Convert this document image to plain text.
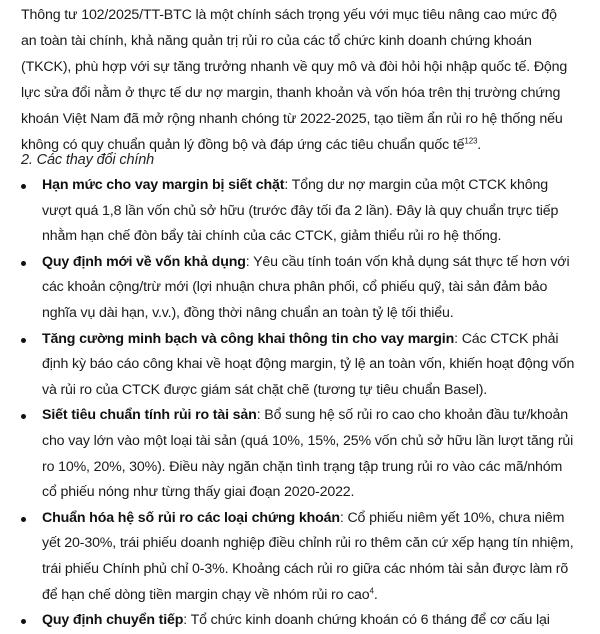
Thông tư 102/2025/TT-BTC là một chính sách trọng yếu với mục tiêu nâng cao mức độ an toàn tài chính, khả năng quản trị rủi ro của các tổ chức kinh doanh chứng khoán (TKCK), phù hợp với sự tăng trưởng nhanh về quy mô và đòi hỏi hội nhập quốc tế. Động lực sửa đổi nằm ở thực tế dư nợ margin, thanh khoản và vốn hóa trên thị trường chứng khoán Việt Nam đã mở rộng nhanh chóng từ 2022-2025, tạo tiềm ẩn rủi ro hệ thống nếu không có quy chuẩn quản lý đồng bộ và đáp ứng các tiêu chuẩn quốc tế$^{123}$.

2. Các thay đổi chính
Hạn mức cho vay margin bị siết chặt: Tổng dư nợ margin của một CTCK không vượt quá 1,8 lần vốn chủ sở hữu (trước đây tối đa 2 lần). Đây là quy chuẩn trực tiếp nhằm hạn chế đòn bẩy tài chính của các CTCK, giảm thiểu rủi ro hệ thống.
Quy định mới về vốn khả dụng: Yêu cầu tính toán vốn khả dụng sát thực tế hơn với các khoản cộng/trừ mới (lợi nhuận chưa phân phối, cổ phiếu quỹ, tài sản đảm bảo nghĩa vụ dài hạn, v.v.), đồng thời nâng chuẩn an toàn tỷ lệ tối thiểu.
Tăng cường minh bạch và công khai thông tin cho vay margin: Các CTCK phải định kỳ báo cáo công khai về hoạt động margin, tỷ lệ an toàn vốn, khiến hoạt động vốn và rủi ro của CTCK được giám sát chặt chẽ (tương tự tiêu chuẩn Basel).
Siết tiêu chuẩn tính rủi ro tài sản: Bổ sung hệ số rủi ro cao cho khoản đầu tư/khoản cho vay lớn vào một loại tài sản (quá 10%, 15%, 25% vốn chủ sở hữu lần lượt tăng rủi ro 10%, 20%, 30%). Điều này ngăn chặn tình trạng tập trung rủi ro vào các mã/nhóm cổ phiếu nóng như từng thấy giai đoạn 2020-2022.
Chuẩn hóa hệ số rủi ro các loại chứng khoán: Cổ phiếu niêm yết 10%, chưa niêm yết 20-30%, trái phiếu doanh nghiệp điều chỉnh rủi ro thêm căn cứ xếp hạng tín nhiệm, trái phiếu Chính phủ chỉ 0-3%. Khoảng cách rủi ro giữa các nhóm tài sản được làm rõ để hạn chế dòng tiền margin chạy về nhóm rủi ro cao$^4$.
Quy định chuyển tiếp: Tổ chức kinh doanh chứng khoán có 6 tháng để cơ cấu lại
